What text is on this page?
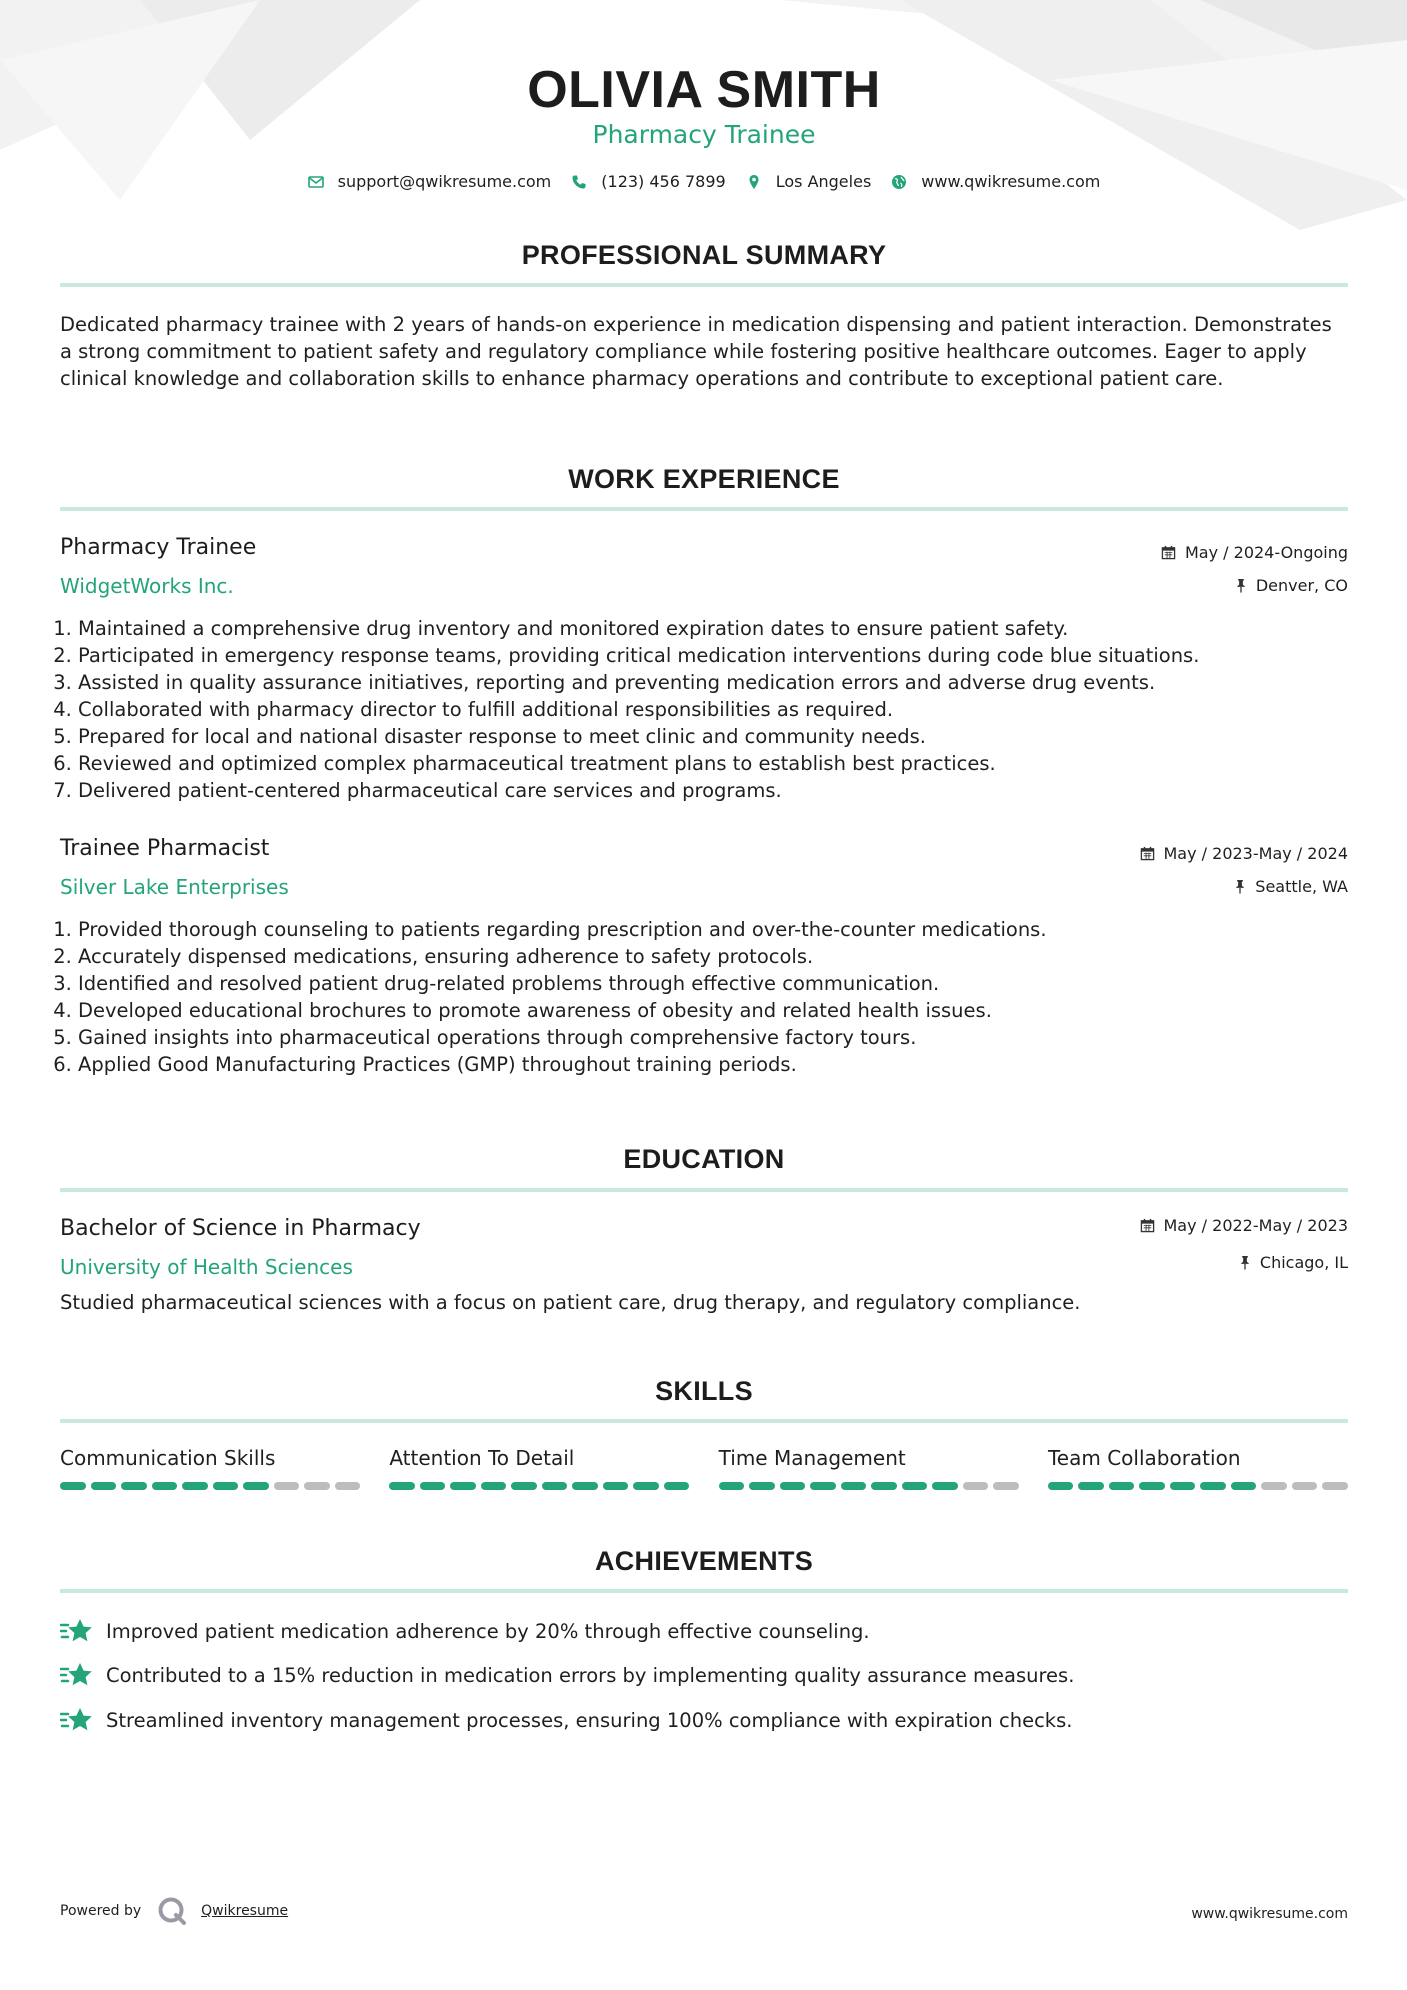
OLIVIA SMITH
Pharmacy Trainee
support@qwikresume.com	(123) 456 7899	Los Angeles	www.qwikresume.com
PROFESSIONAL SUMMARY
Dedicated pharmacy trainee with 2 years of hands-on experience in medication dispensing and patient interaction. Demonstrates a strong commitment to patient safety and regulatory compliance while fostering positive healthcare outcomes. Eager to apply clinical knowledge and collaboration skills to enhance pharmacy operations and contribute to exceptional patient care.
WORK EXPERIENCE
Pharmacy Trainee	May / 2024-Ongoing
WidgetWorks Inc.	Denver, CO
1. Maintained a comprehensive drug inventory and monitored expiration dates to ensure patient safety.
2. Participated in emergency response teams, providing critical medication interventions during code blue situations.
3. Assisted in quality assurance initiatives, reporting and preventing medication errors and adverse drug events.
4. Collaborated with pharmacy director to fulfill additional responsibilities as required.
5. Prepared for local and national disaster response to meet clinic and community needs.
6. Reviewed and optimized complex pharmaceutical treatment plans to establish best practices.
7. Delivered patient-centered pharmaceutical care services and programs.
Trainee Pharmacist	May / 2023-May / 2024
Silver Lake Enterprises	Seattle, WA
1. Provided thorough counseling to patients regarding prescription and over-the-counter medications.
2. Accurately dispensed medications, ensuring adherence to safety protocols.
3. Identified and resolved patient drug-related problems through effective communication.
4. Developed educational brochures to promote awareness of obesity and related health issues.
5. Gained insights into pharmaceutical operations through comprehensive factory tours.
6. Applied Good Manufacturing Practices (GMP) throughout training periods.
EDUCATION
Bachelor of Science in Pharmacy	May / 2022-May / 2023
University of Health Sciences	Chicago, IL
Studied pharmaceutical sciences with a focus on patient care, drug therapy, and regulatory compliance.
SKILLS
Communication Skills	Attention To Detail	Time Management	Team Collaboration
ACHIEVEMENTS
Improved patient medication adherence by 20% through effective counseling.
Contributed to a 15% reduction in medication errors by implementing quality assurance measures.
Streamlined inventory management processes, ensuring 100% compliance with expiration checks.
Powered by	Qwikresume	www.qwikresume.com
